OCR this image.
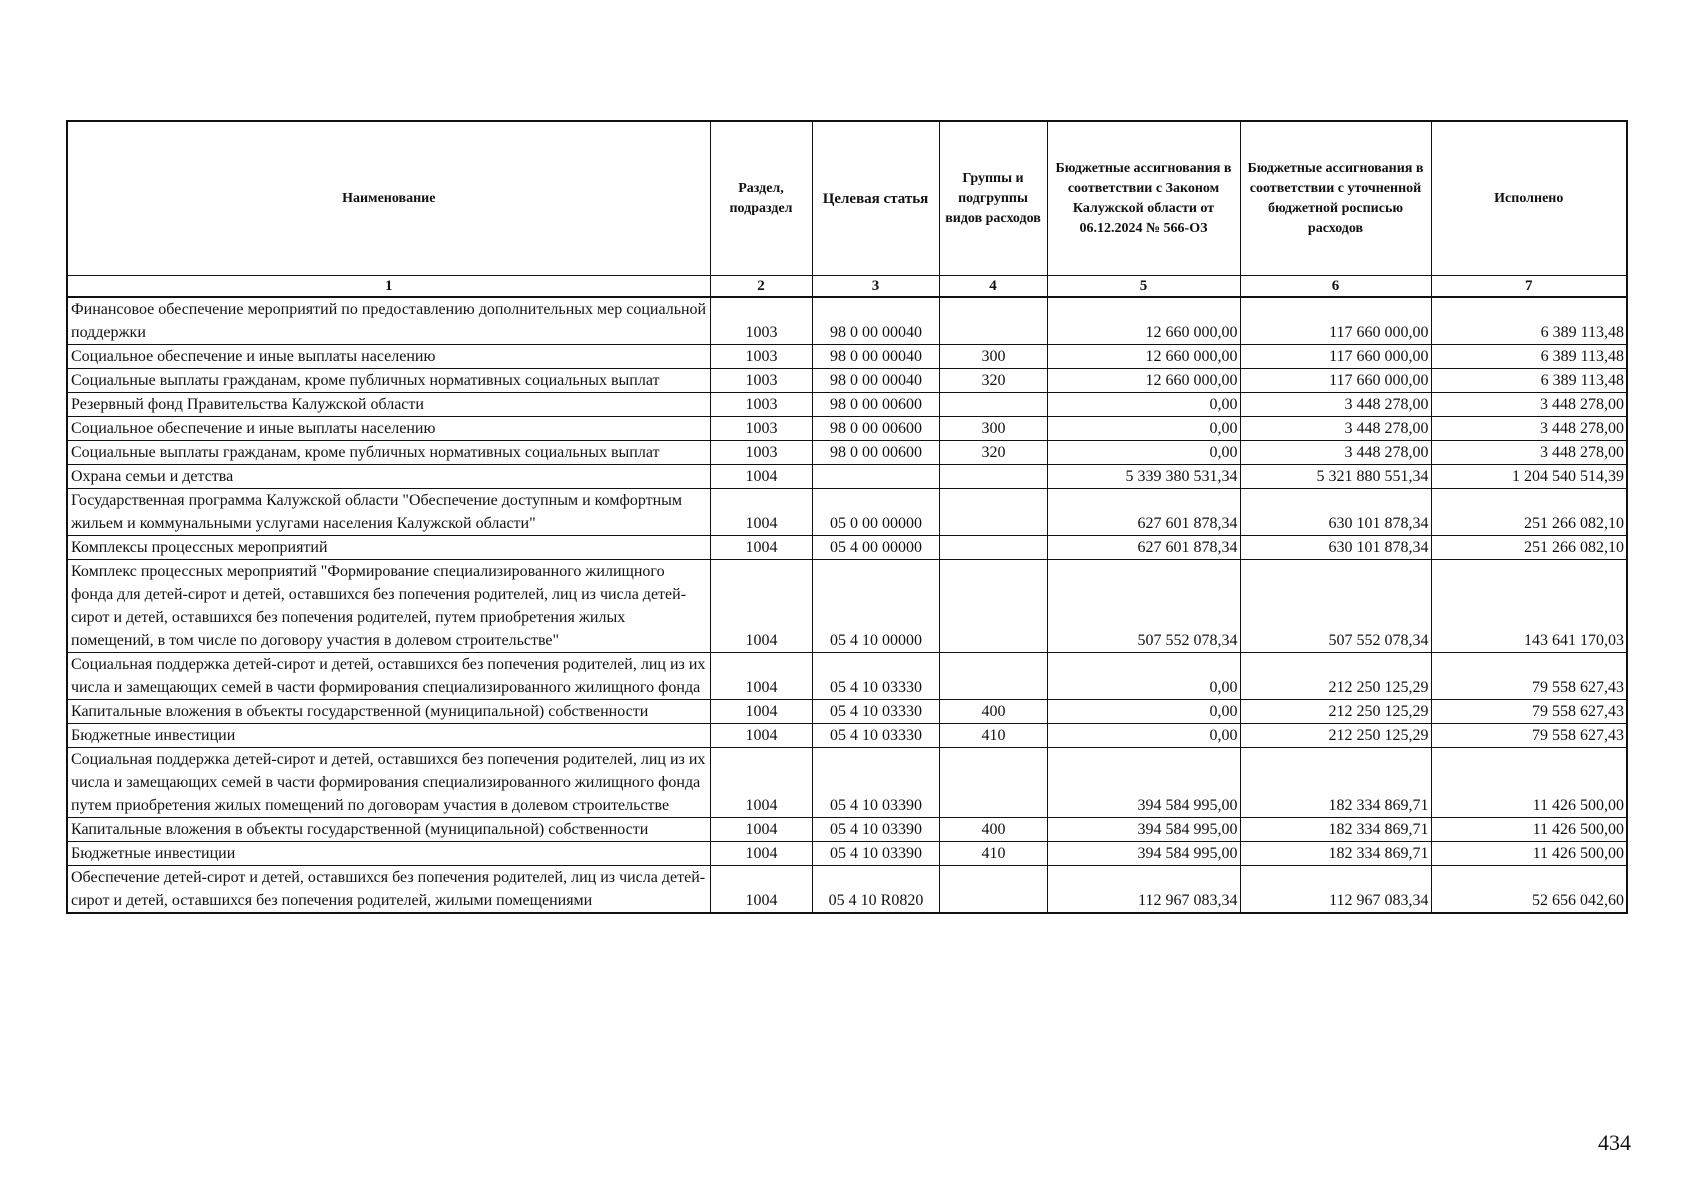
Наименование	Раздел, подраздел	Целевая статья	Группы и подгруппы видов расходов	Бюджетные ассигнования в соответствии с Законом Калужской области от 06.12.2024 № 566-ОЗ	Бюджетные ассигнования в соответствии с уточненной бюджетной росписью расходов	Исполнено
1	2	3	4	5	6	7
Финансовое обеспечение мероприятий по предоставлению дополнительных мер социальной поддержки	1003	98 0 00 00040		12 660 000,00	117 660 000,00	6 389 113,48
Социальное обеспечение и иные выплаты населению	1003	98 0 00 00040	300	12 660 000,00	117 660 000,00	6 389 113,48
Социальные выплаты гражданам, кроме публичных нормативных социальных выплат	1003	98 0 00 00040	320	12 660 000,00	117 660 000,00	6 389 113,48
Резервный фонд Правительства Калужской области	1003	98 0 00 00600		0,00	3 448 278,00	3 448 278,00
Социальное обеспечение и иные выплаты населению	1003	98 0 00 00600	300	0,00	3 448 278,00	3 448 278,00
Социальные выплаты гражданам, кроме публичных нормативных социальных выплат	1003	98 0 00 00600	320	0,00	3 448 278,00	3 448 278,00
Охрана семьи и детства	1004			5 339 380 531,34	5 321 880 551,34	1 204 540 514,39
Государственная программа Калужской области "Обеспечение доступным и комфортным жильем и коммунальными услугами населения Калужской области"	1004	05 0 00 00000		627 601 878,34	630 101 878,34	251 266 082,10
Комплексы процессных мероприятий	1004	05 4 00 00000		627 601 878,34	630 101 878,34	251 266 082,10
Комплекс процессных мероприятий "Формирование специализированного жилищного фонда для детей-сирот и детей, оставшихся без попечения родителей, лиц из числа детей-сирот и детей, оставшихся без попечения родителей, путем приобретения жилых помещений, в том числе по договору участия в долевом строительстве"	1004	05 4 10 00000		507 552 078,34	507 552 078,34	143 641 170,03
Социальная поддержка детей-сирот и детей, оставшихся без попечения родителей, лиц из их числа и замещающих семей в части формирования специализированного жилищного фонда	1004	05 4 10 03330		0,00	212 250 125,29	79 558 627,43
Капитальные вложения в объекты государственной (муниципальной) собственности	1004	05 4 10 03330	400	0,00	212 250 125,29	79 558 627,43
Бюджетные инвестиции	1004	05 4 10 03330	410	0,00	212 250 125,29	79 558 627,43
Социальная поддержка детей-сирот и детей, оставшихся без попечения родителей, лиц из их числа и замещающих семей в части формирования специализированного жилищного фонда путем приобретения жилых помещений по договорам участия в долевом строительстве	1004	05 4 10 03390		394 584 995,00	182 334 869,71	11 426 500,00
Капитальные вложения в объекты государственной (муниципальной) собственности	1004	05 4 10 03390	400	394 584 995,00	182 334 869,71	11 426 500,00
Бюджетные инвестиции	1004	05 4 10 03390	410	394 584 995,00	182 334 869,71	11 426 500,00
Обеспечение детей-сирот и детей, оставшихся без попечения родителей, лиц из числа детей-сирот и детей, оставшихся без попечения родителей, жилыми помещениями	1004	05 4 10 R0820		112 967 083,34	112 967 083,34	52 656 042,60
434
